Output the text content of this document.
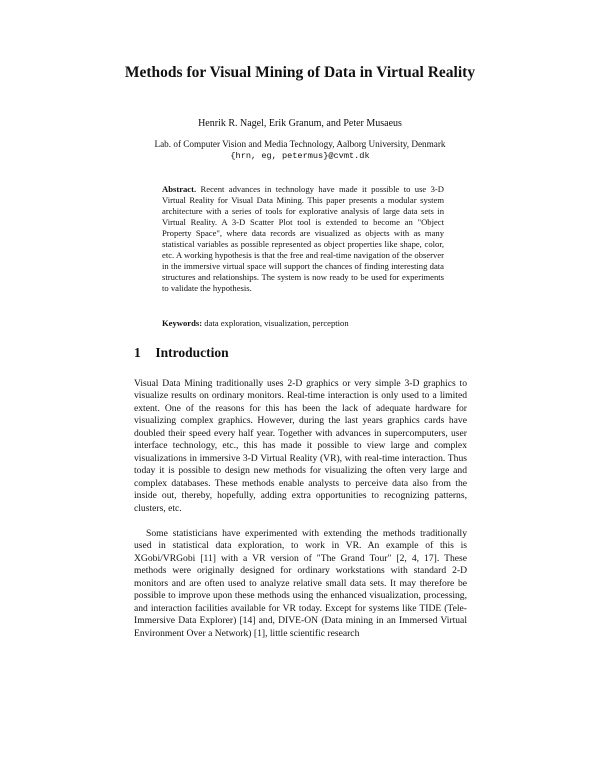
Methods for Visual Mining of Data in Virtual Reality
Henrik R. Nagel, Erik Granum, and Peter Musaeus
Lab. of Computer Vision and Media Technology, Aalborg University, Denmark
{hrn, eg, petermus}@cvmt.dk
Abstract. Recent advances in technology have made it possible to use 3-D Virtual Reality for Visual Data Mining. This paper presents a modular system architecture with a series of tools for explorative analysis of large data sets in Virtual Reality. A 3-D Scatter Plot tool is extended to become an "Object Property Space", where data records are visualized as objects with as many statistical variables as possible represented as object properties like shape, color, etc. A working hypothesis is that the free and real-time navigation of the observer in the immersive virtual space will support the chances of finding interesting data structures and relationships. The system is now ready to be used for experiments to validate the hypothesis.
Keywords: data exploration, visualization, perception
1 Introduction

Visual Data Mining traditionally uses 2-D graphics or very simple 3-D graphics to visualize results on ordinary monitors. Real-time interaction is only used to a limited extent. One of the reasons for this has been the lack of adequate hardware for visualizing complex graphics. However, during the last years graphics cards have doubled their speed every half year. Together with advances in supercomputers, user interface technology, etc., this has made it possible to view large and complex visualizations in immersive 3-D Virtual Reality (VR), with real-time interaction. Thus today it is possible to design new methods for visualizing the often very large and complex databases. These methods enable analysts to perceive data also from the inside out, thereby, hopefully, adding extra opportunities to recognizing patterns, clusters, etc.

Some statisticians have experimented with extending the methods traditionally used in statistical data exploration, to work in VR. An example of this is XGobi/VRGobi [11] with a VR version of "The Grand Tour" [2, 4, 17]. These methods were originally designed for ordinary workstations with standard 2-D monitors and are often used to analyze relative small data sets. It may therefore be possible to improve upon these methods using the enhanced visualization, processing, and interaction facilities available for VR today. Except for systems like TIDE (Tele-Immersive Data Explorer) [14] and, DIVE-ON (Data mining in an Immersed Virtual Environment Over a Network) [1], little scientific research
